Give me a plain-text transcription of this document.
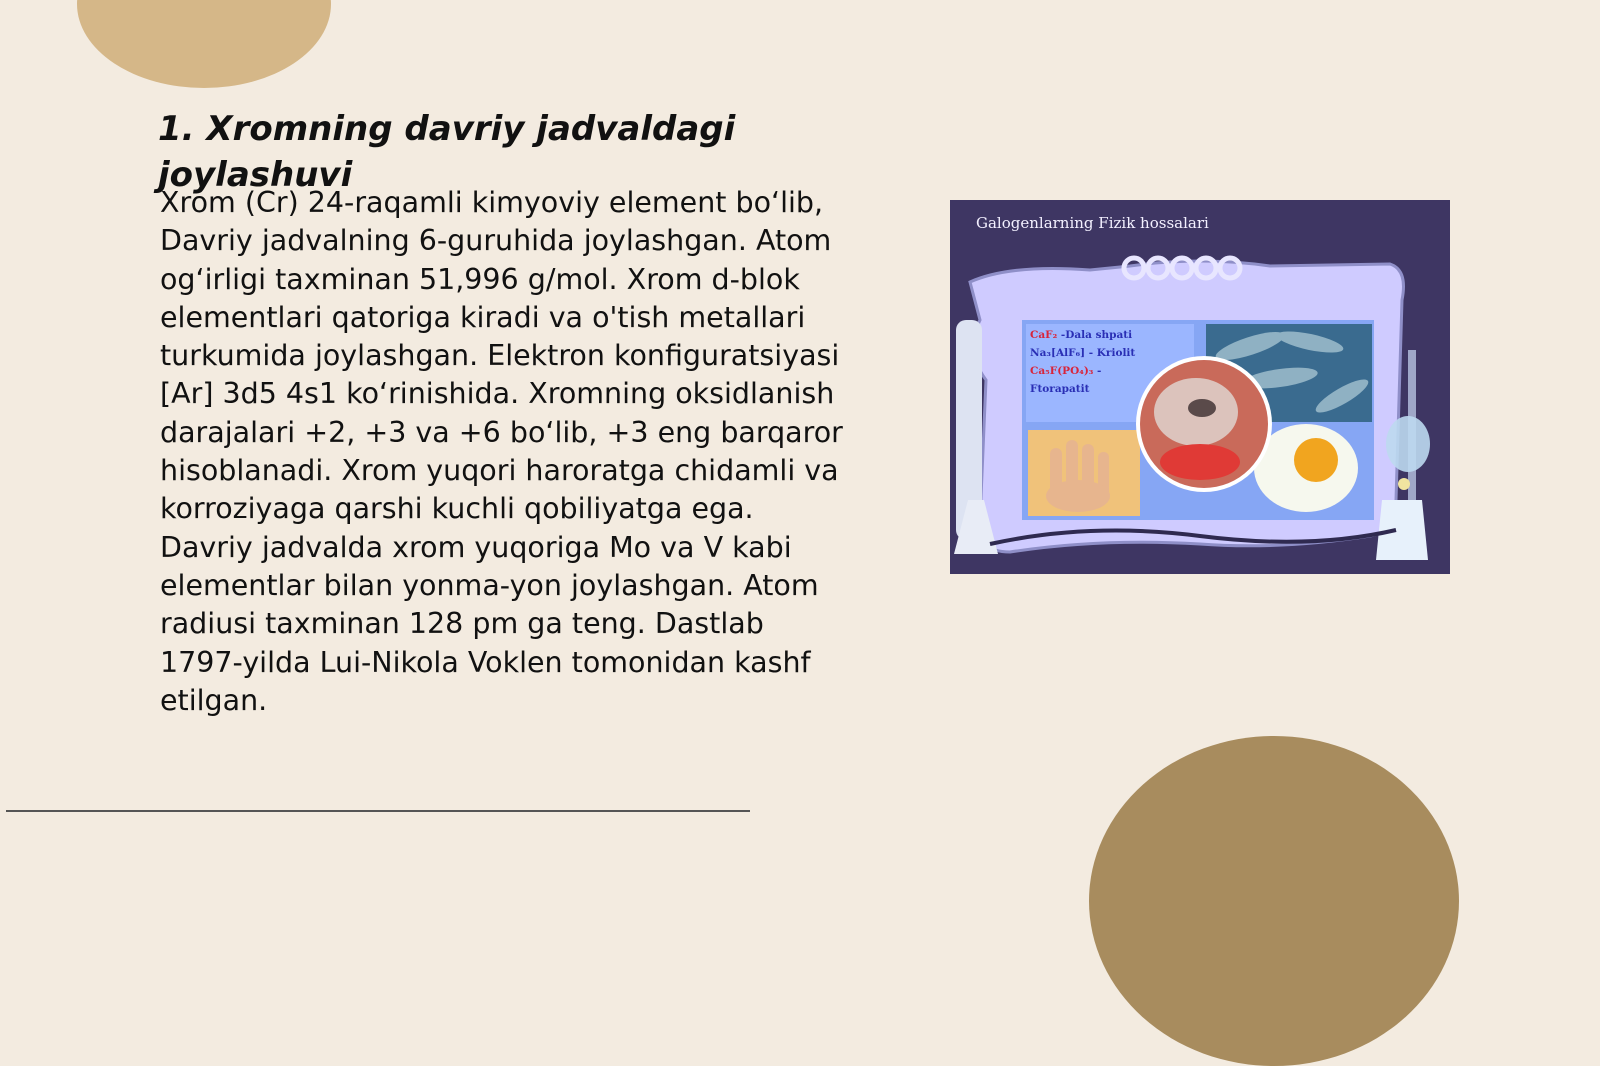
1. Xromning davriy jadvaldagi joylashuvi

Xrom (Cr) 24-raqamli kimyoviy element bo‘lib, Davriy jadvalning 6-guruhida joylashgan. Atom og‘irligi taxminan 51,996 g/mol. Xrom d-blok elementlari qatoriga kiradi va o'tish metallari turkumida joylashgan. Elektron konfiguratsiyasi [Ar] 3d5 4s1 ko‘rinishida. Xromning oksidlanish darajalari +2, +3 va +6 bo‘lib, +3 eng barqaror hisoblanadi. Xrom yuqori haroratga chidamli va korroziyaga qarshi kuchli qobiliyatga ega. Davriy jadvalda xrom yuqoriga Mo va V kabi elementlar bilan yonma-yon joylashgan. Atom radiusi taxminan 128 pm ga teng. Dastlab 1797-yilda Lui-Nikola Voklen tomonidan kashf etilgan.

Galogenlarning Fizik hossalari
CaF₂ -Dala shpati
Na₃[AlF₆] - Kriolit
Ca₅F(PO₄)₃ -
Ftorapatit
